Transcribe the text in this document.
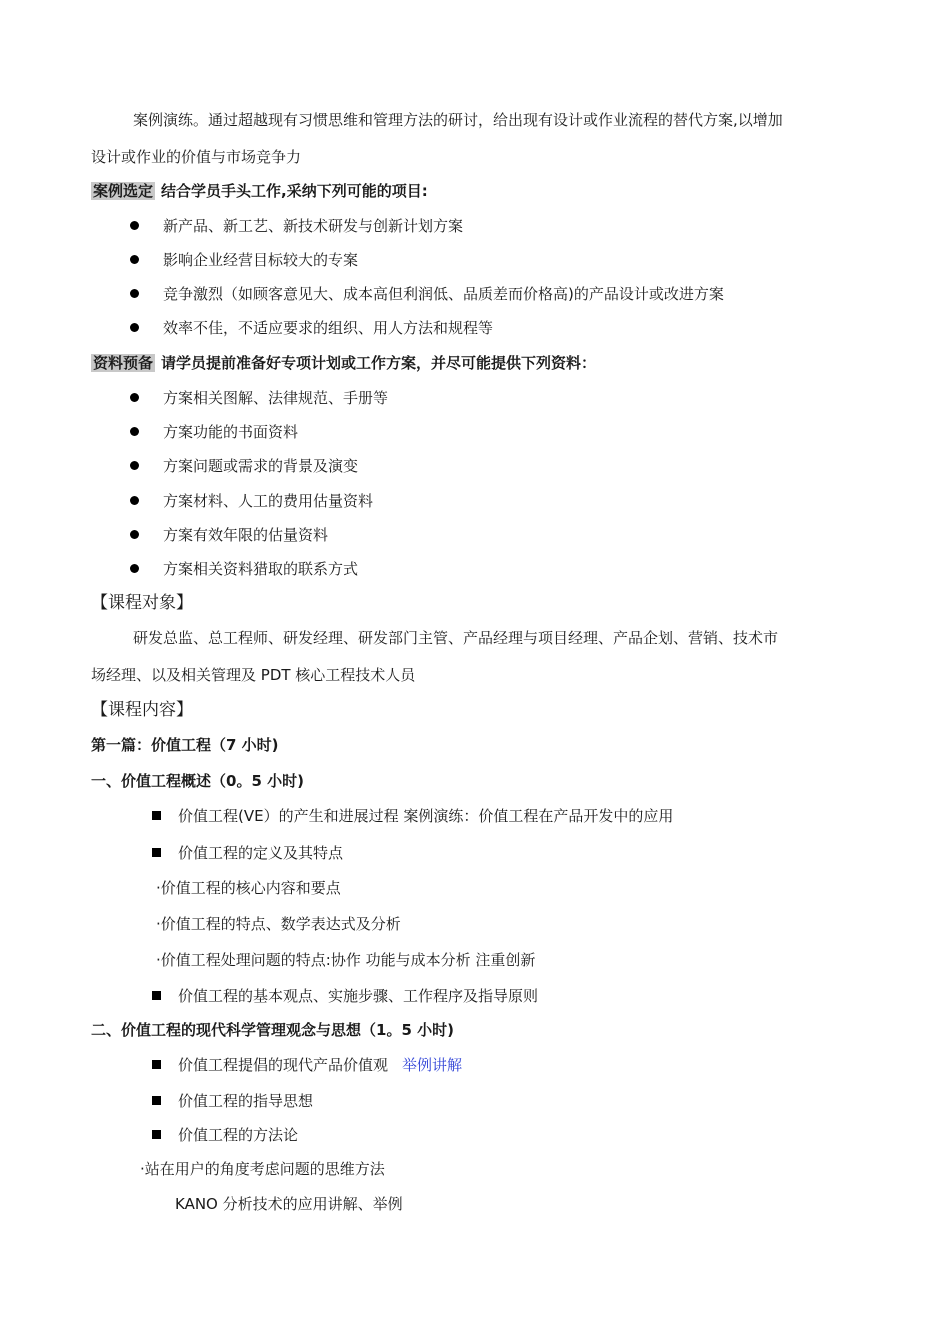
案例演练。通过超越现有习惯思维和管理方法的研讨，给出现有设计或作业流程的替代方案,以增加
设计或作业的价值与市场竞争力
案例选定 结合学员手头工作,采纳下列可能的项目:
新产品、新工艺、新技术研发与创新计划方案
影响企业经营目标较大的专案
竞争激烈（如顾客意见大、成本高但利润低、品质差而价格高)的产品设计或改进方案
效率不佳，不适应要求的组织、用人方法和规程等
资料预备 请学员提前准备好专项计划或工作方案，并尽可能提供下列资料：
方案相关图解、法律规范、手册等
方案功能的书面资料
方案问题或需求的背景及演变
方案材料、人工的费用估量资料
方案有效年限的估量资料
方案相关资料猎取的联系方式
【课程对象】
研发总监、总工程师、研发经理、研发部门主管、产品经理与项目经理、产品企划、营销、技术市
场经理、以及相关管理及 PDT 核心工程技术人员
【课程内容】
第一篇：价值工程（7 小时)
一、价值工程概述（0。5 小时)
价值工程(VE）的产生和进展过程 案例演练：价值工程在产品开发中的应用
价值工程的定义及其特点
·价值工程的核心内容和要点
·价值工程的特点、数学表达式及分析
·价值工程处理问题的特点:协作 功能与成本分析 注重创新
价值工程的基本观点、实施步骤、工作程序及指导原则
二、价值工程的现代科学管理观念与思想（1。5 小时)
价值工程提倡的现代产品价值观 举例讲解
价值工程的指导思想
价值工程的方法论
·站在用户的角度考虑问题的思维方法
KANO 分析技术的应用讲解、举例
